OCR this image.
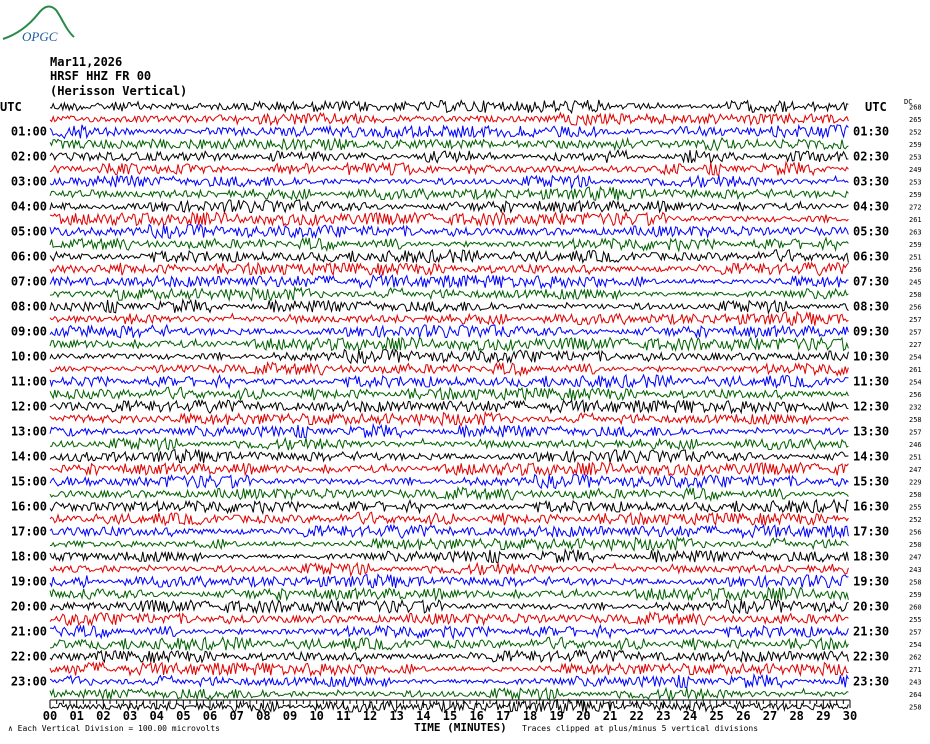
OPGC
00 01 02 03 04 05 06 07 08 09 10 11 12 13 14 15 16 17 18 19 20 21 22 23 24 25 26 27 28 29 30
01:00
02:00
03:00
04:00
05:00
06:00
07:00
08:00
09:00
10:00
11:00
12:00
13:00
14:00
15:00
16:00
17:00
18:00
19:00
20:00
21:00
22:00
23:00
01:30
02:30
03:30
04:30
05:30
06:30
07:30
08:30
09:30
10:30
11:30
12:30
13:30
14:30
15:30
16:30
17:30
18:30
19:30
20:30
21:30
22:30
23:30
268
265
252
259
253
249
253
259
272
261
263
259
251
256
245
250
256
257
257
227
254
261
254
256
232
258
257
246
251
247
229
250
255
252
256
250
247
243
258
259
260
255
257
254
262
271
243
264
258
Mar11,2026
HRSF HHZ FR 00
(Herisson Vertical)
UTC	UTC DC
TIME (MINUTES)
∧ Each Vertical Division = 100.00 microvolts	Traces clipped at plus/minus 5 vertical divisions
